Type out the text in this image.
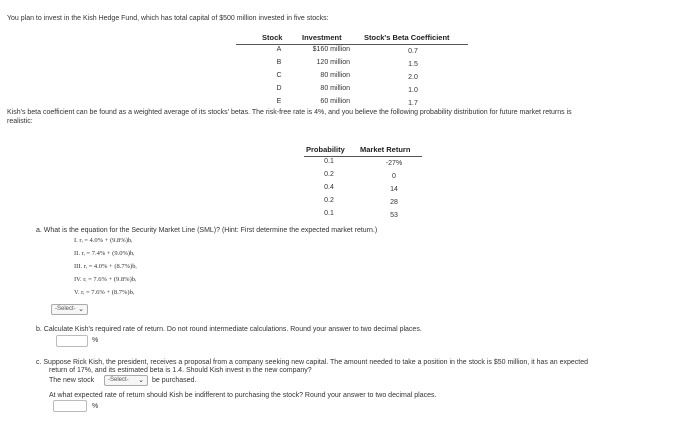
You plan to invest in the Kish Hedge Fund, which has total capital of $500 million invested in five stocks:
Stock	Investment	Stock's Beta Coefficient
A	$160 million	0.7
B	120 million	1.5
C	80 million	2.0
D	80 million	1.0
E	60 million	1.7
Kish's beta coefficient can be found as a weighted average of its stocks' betas. The risk-free rate is 4%, and you believe the following probability distribution for future market returns is
realistic:
Probability Market Return
0.1	-27%
0.2	0
0.4	14
0.2	28
0.1	53
a. What is the equation for the Security Market Line (SML)? (Hint: First determine the expected market return.)
I. rᵢ = 4.0% + (9.8%)bᵢ
II. rᵢ = 7.4% + (9.0%)bᵢ
III. rᵢ = 4.0% + (8.7%)bᵢ
IV. rᵢ = 7.6% + (9.8%)bᵢ
V. rᵢ = 7.6% + (8.7%)bᵢ
-Select- ⌄
b. Calculate Kish's required rate of return. Do not round intermediate calculations. Round your answer to two decimal places.
%
c. Suppose Rick Kish, the president, receives a proposal from a company seeking new capital. The amount needed to take a position in the stock is $50 million, it has an expected
return of 17%, and its estimated beta is 1.4. Should Kish invest in the new company?
The new stock	-Select- ⌄ be purchased.
At what expected rate of return should Kish be indifferent to purchasing the stock? Round your answer to two decimal places.
%
